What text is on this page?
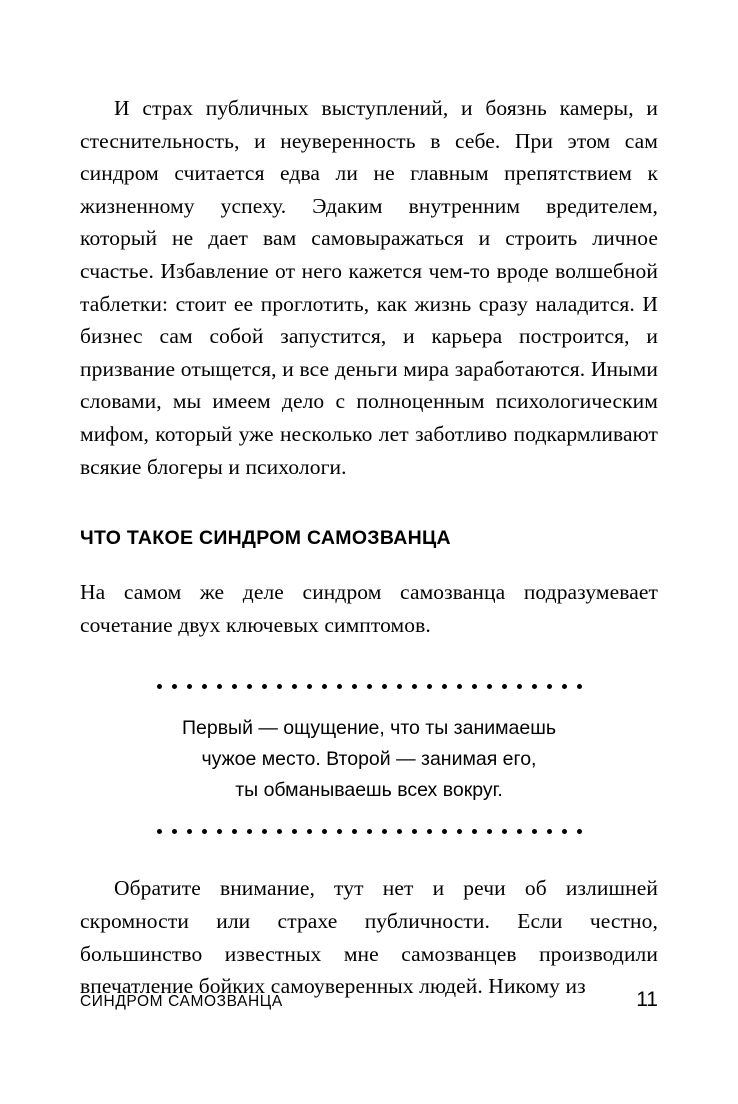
И страх публичных выступлений, и боязнь камеры, и стеснительность, и неуверенность в себе. При этом сам синдром считается едва ли не главным препятствием к жизненному успеху. Эдаким внутренним вредителем, который не дает вам самовыражаться и строить личное счастье. Избавление от него кажется чем-то вроде волшебной таблетки: стоит ее проглотить, как жизнь сразу наладится. И бизнес сам собой запустится, и карьера построится, и призвание отыщется, и все деньги мира заработаются. Иными словами, мы имеем дело с полноценным психологическим мифом, который уже несколько лет заботливо подкармливают всякие блогеры и психологи.

ЧТО ТАКОЕ СИНДРОМ САМОЗВАНЦА

На самом же деле синдром самозванца подразумевает сочетание двух ключевых симптомов.

Первый — ощущение, что ты занимаешь
чужое место. Второй — занимая его,
ты обманываешь всех вокруг.

Обратите внимание, тут нет и речи об излишней скромности или страхе публичности. Если честно, большинство известных мне самозванцев производили впечатление бойких самоуверенных людей. Никому из

СИНДРОМ САМОЗВАНЦА	11
